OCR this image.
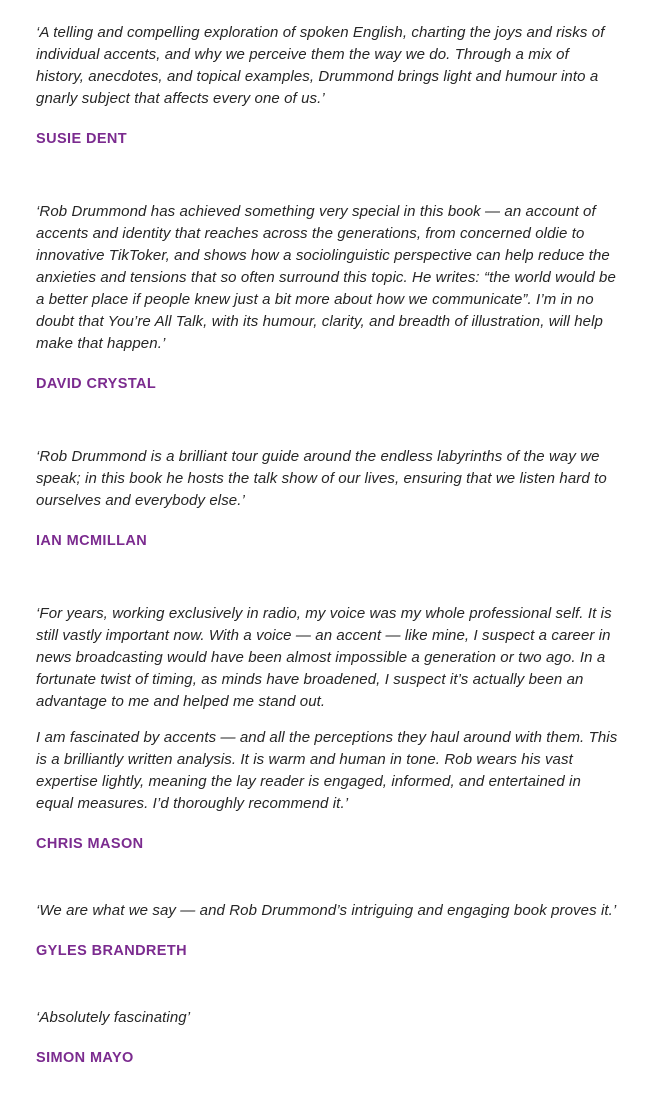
‘A telling and compelling exploration of spoken English, charting the joys and risks of individual accents, and why we perceive them the way we do. Through a mix of history, anecdotes, and topical examples, Drummond brings light and humour into a gnarly subject that affects every one of us.’

SUSIE DENT

‘Rob Drummond has achieved something very special in this book — an account of accents and identity that reaches across the generations, from concerned oldie to innovative TikToker, and shows how a sociolinguistic perspective can help reduce the anxieties and tensions that so often surround this topic. He writes: “the world would be a better place if people knew just a bit more about how we communicate”. I’m in no doubt that You’re All Talk, with its humour, clarity, and breadth of illustration, will help make that happen.’

DAVID CRYSTAL

‘Rob Drummond is a brilliant tour guide around the endless labyrinths of the way we speak; in this book he hosts the talk show of our lives, ensuring that we listen hard to ourselves and everybody else.’

IAN MCMILLAN

‘For years, working exclusively in radio, my voice was my whole professional self. It is still vastly important now. With a voice — an accent — like mine, I suspect a career in news broadcasting would have been almost impossible a generation or two ago. In a fortunate twist of timing, as minds have broadened, I suspect it’s actually been an advantage to me and helped me stand out.

I am fascinated by accents — and all the perceptions they haul around with them. This is a brilliantly written analysis. It is warm and human in tone. Rob wears his vast expertise lightly, meaning the lay reader is engaged, informed, and entertained in equal measures. I’d thoroughly recommend it.’

CHRIS MASON

‘We are what we say — and Rob Drummond’s intriguing and engaging book proves it.’

GYLES BRANDRETH

‘Absolutely fascinating’

SIMON MAYO
